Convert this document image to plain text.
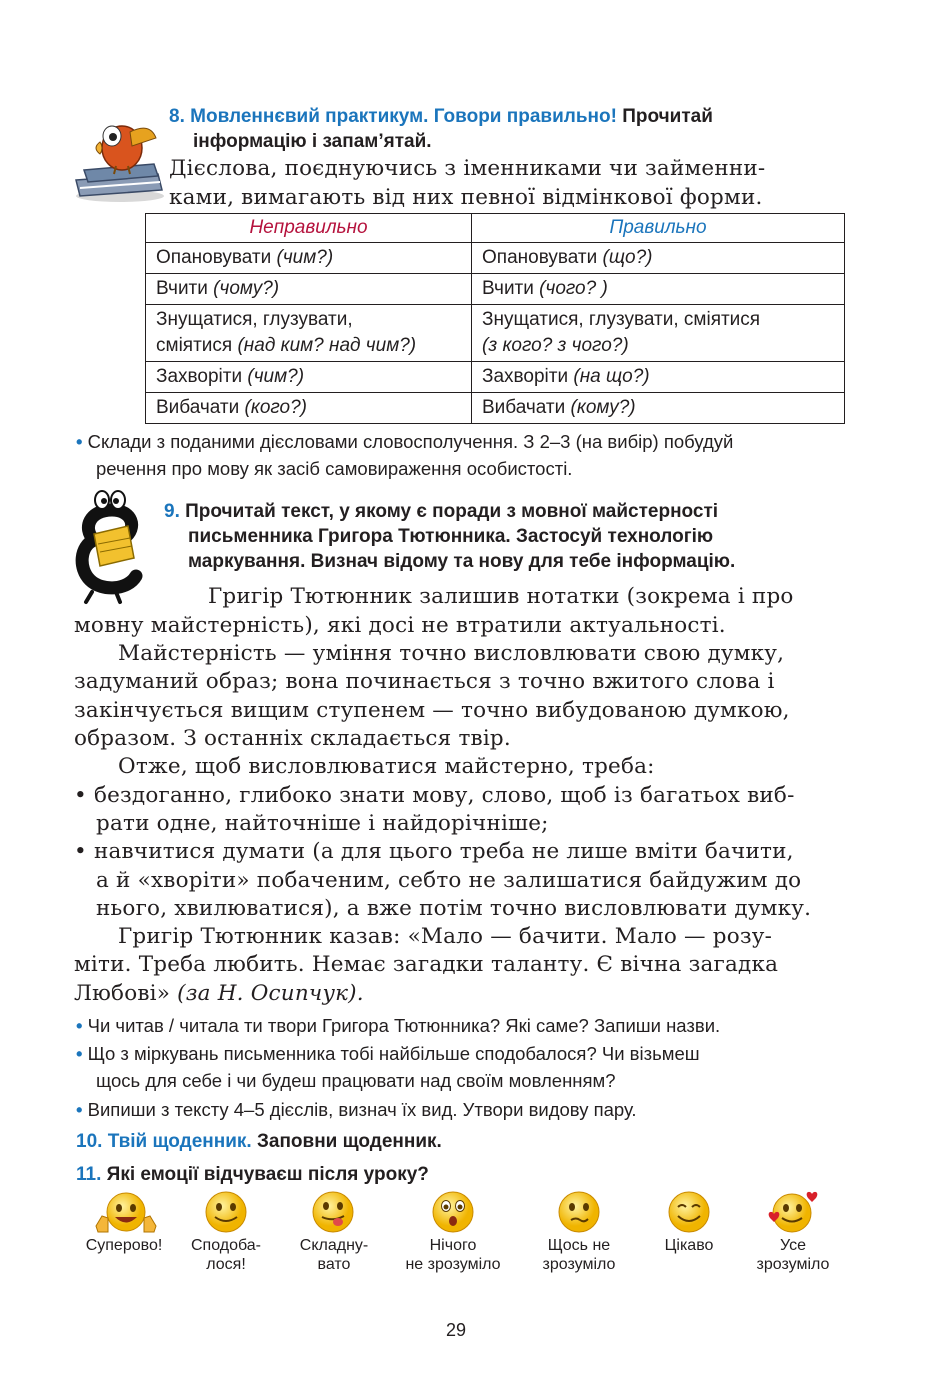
8. Мовленнєвий практикум. Говори правильно! Прочитай
інформацію і запам’ятай.
Дієслова, поєднуючись з іменниками чи займенни-
ками, вимагають від них певної відмінкової форми.
Неправильно	Правильно
Опановувати (чим?)	Опановувати (що?)
Вчити (чому?)	Вчити (чого? )
Знущатися, глузувати,
сміятися (над ким? над чим?)	Знущатися, глузувати, сміятися
(з кого? з чого?)
Захворіти (чим?)	Захворіти (на що?)
Вибачати (кого?)	Вибачати (кому?)
• Склади з поданими дієсловами словосполучення. З 2–3 (на вибір) побудуй
речення про мову як засіб самовираження особистості.
9. Прочитай текст, у якому є поради з мовної майстерності
письменника Григора Тютюнника. Застосуй технологію
маркування. Визнач відому та нову для тебе інформацію.
Григір Тютюнник залишив нотатки (зокрема і про
мовну майстерність), які досі не втратили актуальності.
Майстерність — уміння точно висловлювати свою думку,
задуманий образ; вона починається з точно вжитого слова і
закінчується вищим ступенем — точно вибудованою думкою,
образом. З останніх складається твір.
Отже, щоб висловлюватися майстерно, треба:
• бездоганно, глибоко знати мову, слово, щоб із багатьох виб-
рати одне, найточніше і найдорічніше;
• навчитися думати (а для цього треба не лише вміти бачити,
а й «хворіти» побаченим, себто не залишатися байдужим до
нього, хвилюватися), а вже потім точно висловлювати думку.
Григір Тютюнник казав: «Мало — бачити. Мало — розу-
міти. Треба любить. Немає загадки таланту. Є вічна загадка
Любові» (за Н. Осипчук).
• Чи читав / читала ти твори Григора Тютюнника? Які саме? Запиши назви.
• Що з міркувань письменника тобі найбільше сподобалося? Чи візьмеш
щось для себе і чи будеш працювати над своїм мовленням?
• Випиши з тексту 4–5 дієслів, визнач їх вид. Утвори видову пару.
10. Твій щоденник. Заповни щоденник.
11. Які емоції відчуваєш після уроку?
Суперово!	Сподоба-
лося!
Складну-
вато
Нічого
не зрозуміло
Щось не
зрозуміло
Цікаво	Усе
зрозуміло
29
